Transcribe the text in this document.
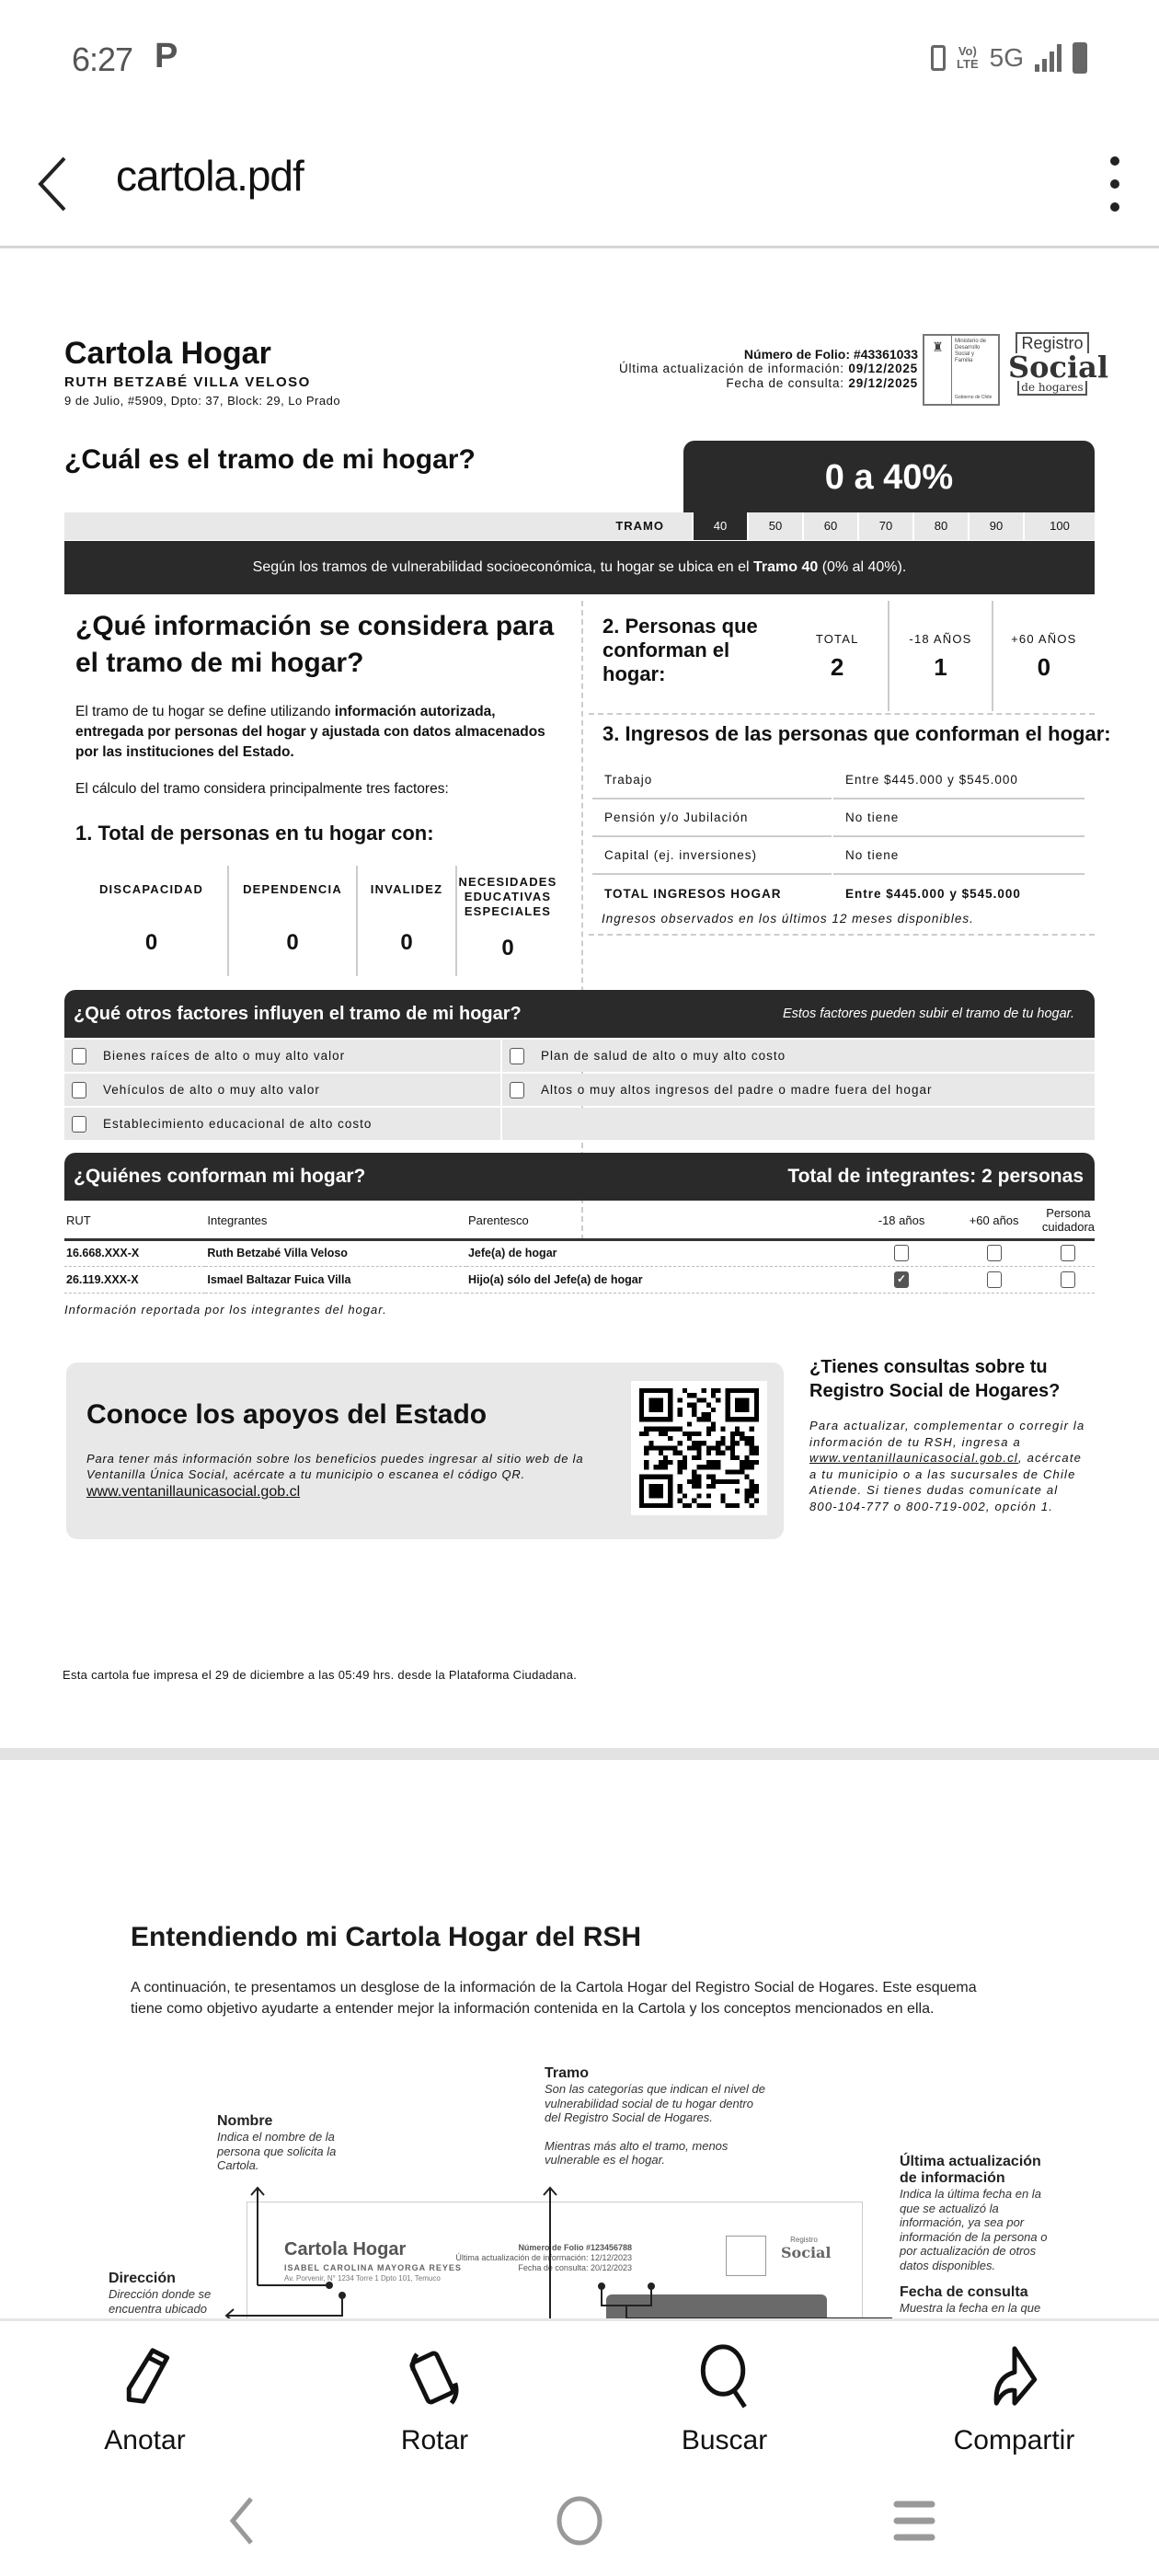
6:27 P	Vo)
LTE 5G
cartola.pdf
Cartola Hogar
RUTH BETZABÉ VILLA VELOSO
9 de Julio, #5909, Dpto: 37, Block: 29, Lo Prado
Número de Folio: #43361033
Última actualización de información: 09/12/2025
Fecha de consulta: 29/12/2025
♜	Ministerio de
Desarrollo
Social y
Familia
Gobierno de Chile
Registro
Social
de hogares
¿Cuál es el tramo de mi hogar?	0 a 40%
TRAMO	40	50	60	70	80	90	100
Según los tramos de vulnerabilidad socioeconómica, tu hogar se ubica en el Tramo 40 (0% al 40%).
¿Qué información se considera para el tramo de mi hogar?
El tramo de tu hogar se define utilizando información autorizada, entregada por personas del hogar y ajustada con datos almacenados por las instituciones del Estado.
El cálculo del tramo considera principalmente tres factores:
1. Total de personas en tu hogar con:
DISCAPACIDAD
0
DEPENDENCIA
0
INVALIDEZ
0
NECESIDADES EDUCATIVAS ESPECIALES
0
2. Personas que conforman el hogar:
TOTAL
2
-18 AÑOS
1
+60 AÑOS
0
3. Ingresos de las personas que conforman el hogar:
Trabajo	Entre $445.000 y $545.000
Pensión y/o Jubilación	No tiene
Capital (ej. inversiones)	No tiene
TOTAL INGRESOS HOGAR	Entre $445.000 y $545.000
Ingresos observados en los últimos 12 meses disponibles.
¿Qué otros factores influyen el tramo de mi hogar?	Estos factores pueden subir el tramo de tu hogar.
Bienes raíces de alto o muy alto valor	Plan de salud de alto o muy alto costo
Vehículos de alto o muy alto valor	Altos o muy altos ingresos del padre o madre fuera del hogar
Establecimiento educacional de alto costo
¿Quiénes conforman mi hogar?	Total de integrantes: 2 personas
RUT	Integrantes	Parentesco	-18 años	+60 años	Persona cuidadora
16.668.XXX-X	Ruth Betzabé Villa Veloso	Jefe(a) de hogar			
26.119.XXX-X	Ismael Baltazar Fuica Villa	Hijo(a) sólo del Jefe(a) de hogar	✓		
Información reportada por los integrantes del hogar.
Conoce los apoyos del Estado
Para tener más información sobre los beneficios puedes ingresar al sitio web de la Ventanilla Única Social, acércate a tu municipio o escanea el código QR.
www.ventanillaunicasocial.gob.cl
¿Tienes consultas sobre tu Registro Social de Hogares?
Para actualizar, complementar o corregir la información de tu RSH, ingresa a www.ventanillaunicasocial.gob.cl, acércate a tu municipio o a las sucursales de Chile Atiende. Si tienes dudas comunícate al 800-104-777 o 800-719-002, opción 1.
Esta cartola fue impresa el 29 de diciembre a las 05:49 hrs. desde la Plataforma Ciudadana.
Entendiendo mi Cartola Hogar del RSH
A continuación, te presentamos un desglose de la información de la Cartola Hogar del Registro Social de Hogares. Este esquema tiene como objetivo ayudarte a entender mejor la información contenida en la Cartola y los conceptos mencionados en ella.
Nombre
Indica el nombre de la persona que solicita la Cartola.
Tramo
Son las categorías que indican el nivel de vulnerabilidad social de tu hogar dentro del Registro Social de Hogares.
Mientras más alto el tramo, menos vulnerable es el hogar.	Última actualización de información
Indica la última fecha en la que se actualizó la información, ya sea por información de la persona o por actualización de otros datos disponibles.
Dirección
Dirección donde se encuentra ubicado
Fecha de consulta
Muestra la fecha en la que
Cartola Hogar
ISABEL CAROLINA MAYORGA REYES
Av. Porvenir, N° 1234 Torre 1 Dpto 101, Temuco
Número de Folio #123456788
Última actualización de información: 12/12/2023
Fecha de consulta: 20/12/2023
Registro
Social
Anotar	Rotar	Buscar	Compartir
